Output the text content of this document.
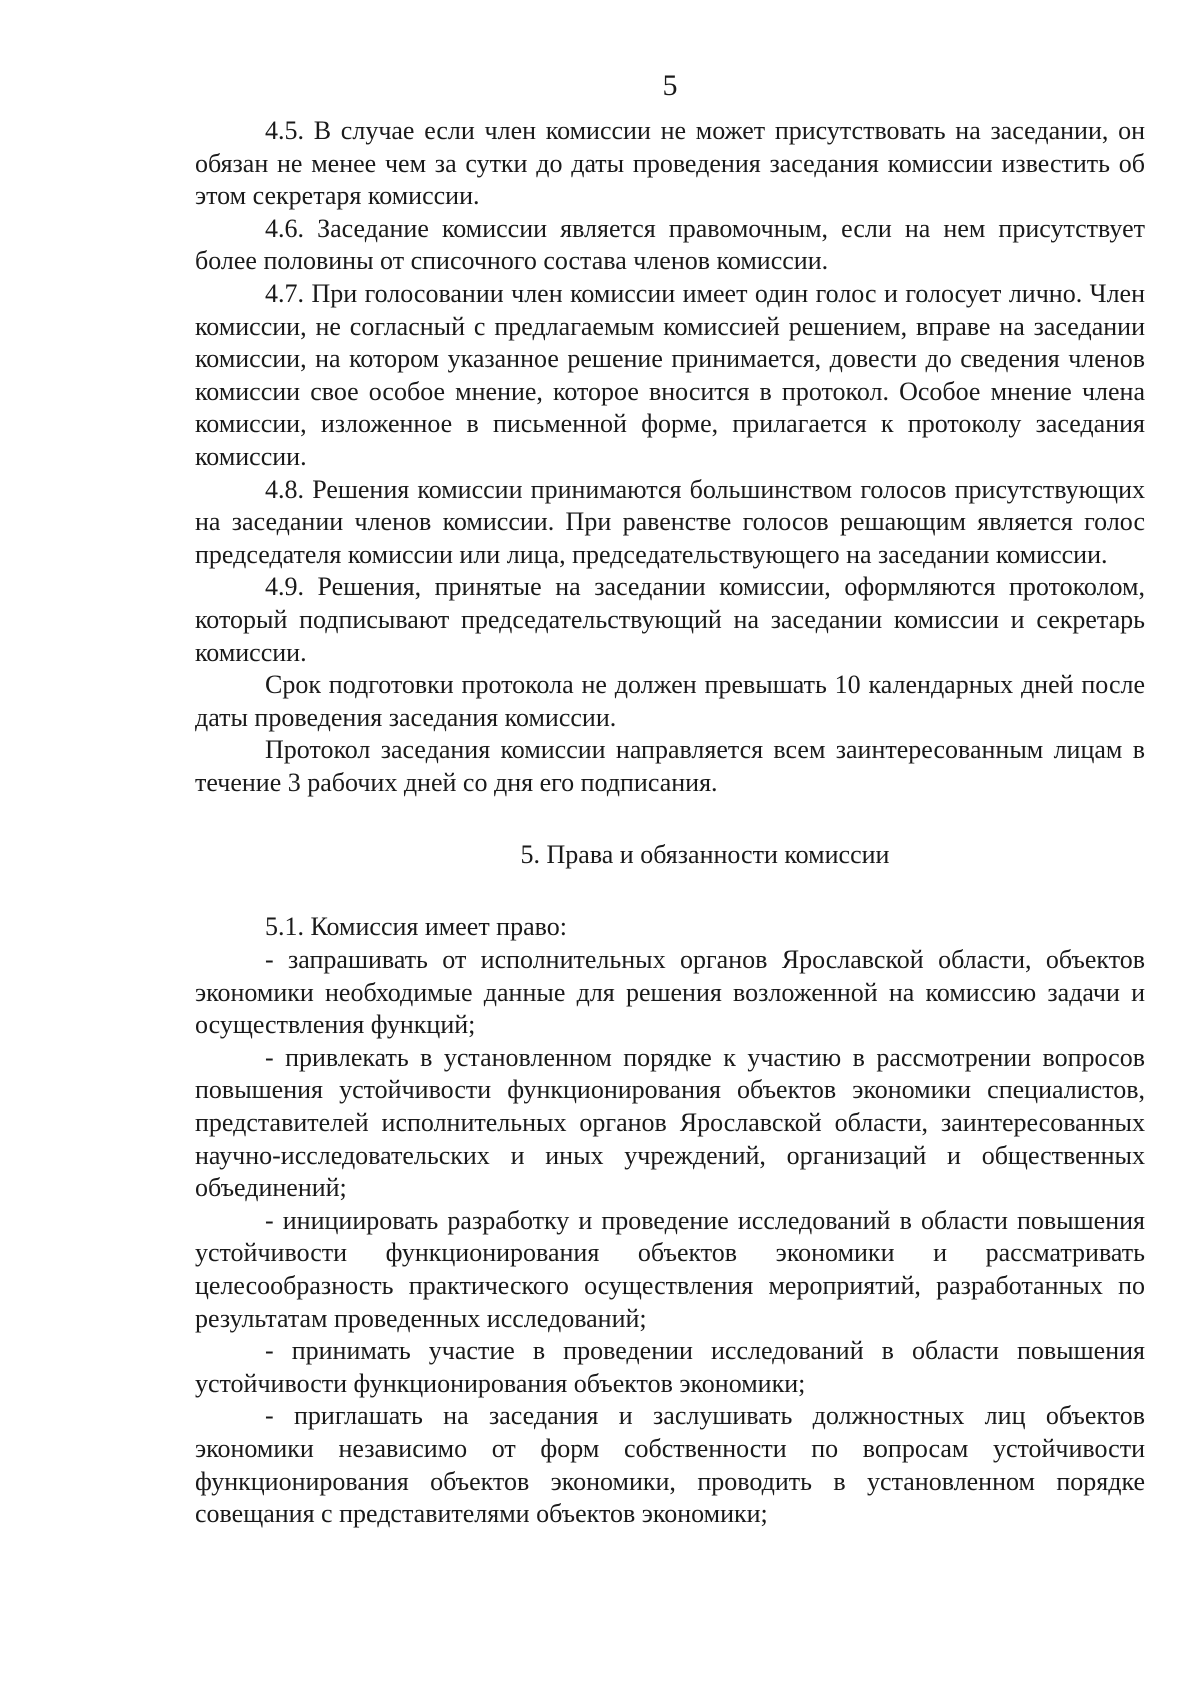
5

4.5. В случае если член комиссии не может присутствовать на заседании, он обязан не менее чем за сутки до даты проведения заседания комиссии известить об этом секретаря комиссии.

4.6. Заседание комиссии является правомочным, если на нем присутствует более половины от списочного состава членов комиссии.

4.7. При голосовании член комиссии имеет один голос и голосует лично. Член комиссии, не согласный с предлагаемым комиссией решением, вправе на заседании комиссии, на котором указанное решение принимается, довести до сведения членов комиссии свое особое мнение, которое вносится в протокол. Особое мнение члена комиссии, изложенное в письменной форме, прилагается к протоколу заседания комиссии.

4.8. Решения комиссии принимаются большинством голосов присутствующих на заседании членов комиссии. При равенстве голосов решающим является голос председателя комиссии или лица, председательствующего на заседании комиссии.

4.9. Решения, принятые на заседании комиссии, оформляются протоколом, который подписывают председательствующий на заседании комиссии и секретарь комиссии.

Срок подготовки протокола не должен превышать 10 календарных дней после даты проведения заседания комиссии.

Протокол заседания комиссии направляется всем заинтересованным лицам в течение 3 рабочих дней со дня его подписания.

5. Права и обязанности комиссии

5.1. Комиссия имеет право:

- запрашивать от исполнительных органов Ярославской области, объектов экономики необходимые данные для решения возложенной на комиссию задачи и осуществления функций;

- привлекать в установленном порядке к участию в рассмотрении вопросов повышения устойчивости функционирования объектов экономики специалистов, представителей исполнительных органов Ярославской области, заинтересованных научно-исследовательских и иных учреждений, организаций и общественных объединений;

- инициировать разработку и проведение исследований в области повышения устойчивости функционирования объектов экономики и рассматривать целесообразность практического осуществления мероприятий, разработанных по результатам проведенных исследований;

- принимать участие в проведении исследований в области повышения устойчивости функционирования объектов экономики;

- приглашать на заседания и заслушивать должностных лиц объектов экономики независимо от форм собственности по вопросам устойчивости функционирования объектов экономики, проводить в установленном порядке совещания с представителями объектов экономики;
